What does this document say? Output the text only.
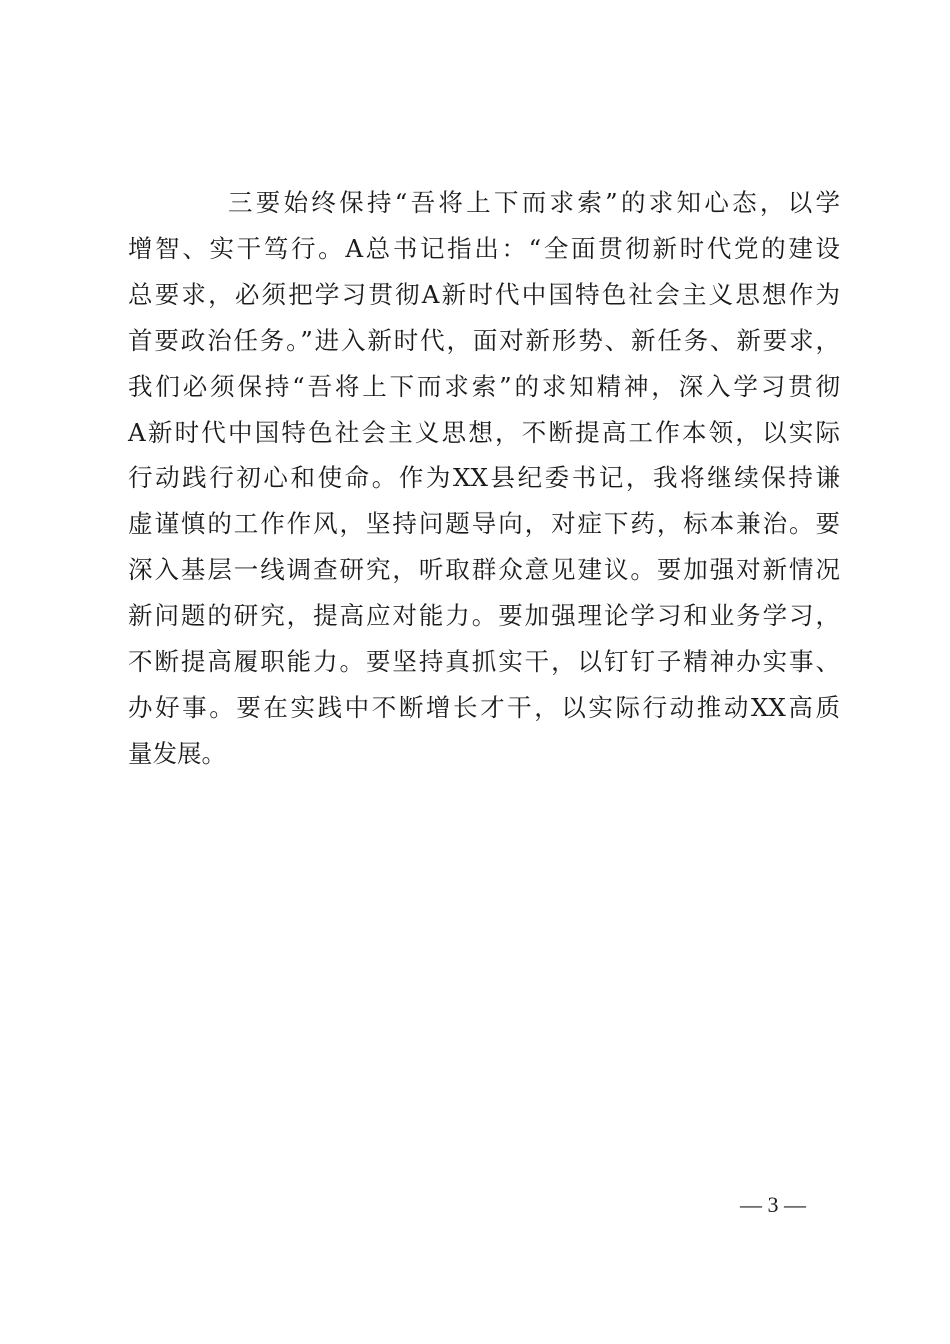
三要始终保持“吾将上下而求索”的求知心态，以学
增智、实干笃行。A总书记指出：“全面贯彻新时代党的建设
总要求，必须把学习贯彻A新时代中国特色社会主义思想作为
首要政治任务。”进入新时代，面对新形势、新任务、新要求，
我们必须保持“吾将上下而求索”的求知精神，深入学习贯彻
A新时代中国特色社会主义思想，不断提高工作本领，以实际
行动践行初心和使命。作为XX县纪委书记，我将继续保持谦
虚谨慎的工作作风，坚持问题导向，对症下药，标本兼治。要
深入基层一线调查研究，听取群众意见建议。要加强对新情况
新问题的研究，提高应对能力。要加强理论学习和业务学习，
不断提高履职能力。要坚持真抓实干，以钉钉子精神办实事、
办好事。要在实践中不断增长才干，以实际行动推动XX高质
量发展。

— 3 —
